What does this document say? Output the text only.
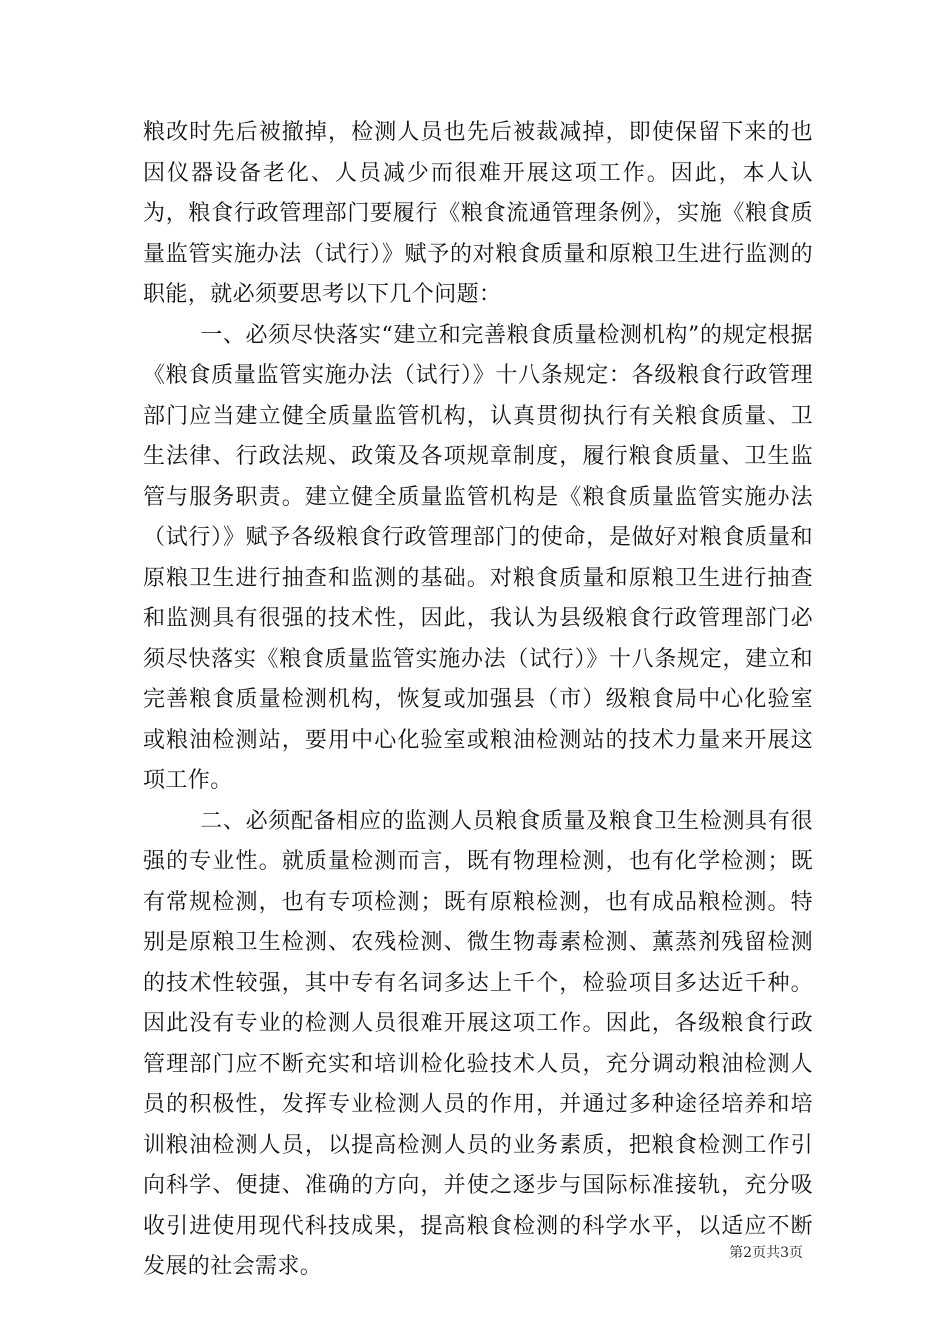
粮改时先后被撤掉，检测人员也先后被裁减掉，即使保留下来的也因仪器设备老化、人员减少而很难开展这项工作。因此，本人认为，粮食行政管理部门要履行《粮食流通管理条例》，实施《粮食质量监管实施办法（试行）》赋予的对粮食质量和原粮卫生进行监测的职能，就必须要思考以下几个问题：

一、必须尽快落实“建立和完善粮食质量检测机构”的规定根据《粮食质量监管实施办法（试行）》十八条规定：各级粮食行政管理部门应当建立健全质量监管机构，认真贯彻执行有关粮食质量、卫生法律、行政法规、政策及各项规章制度，履行粮食质量、卫生监管与服务职责。建立健全质量监管机构是《粮食质量监管实施办法（试行）》赋予各级粮食行政管理部门的使命，是做好对粮食质量和原粮卫生进行抽查和监测的基础。对粮食质量和原粮卫生进行抽查和监测具有很强的技术性，因此，我认为县级粮食行政管理部门必须尽快落实《粮食质量监管实施办法（试行）》十八条规定，建立和完善粮食质量检测机构，恢复或加强县（市）级粮食局中心化验室或粮油检测站，要用中心化验室或粮油检测站的技术力量来开展这项工作。

二、必须配备相应的监测人员粮食质量及粮食卫生检测具有很强的专业性。就质量检测而言，既有物理检测，也有化学检测；既有常规检测，也有专项检测；既有原粮检测，也有成品粮检测。特别是原粮卫生检测、农残检测、微生物毒素检测、薰蒸剂残留检测的技术性较强，其中专有名词多达上千个，检验项目多达近千种。因此没有专业的检测人员很难开展这项工作。因此，各级粮食行政管理部门应不断充实和培训检化验技术人员，充分调动粮油检测人员的积极性，发挥专业检测人员的作用，并通过多种途径培养和培训粮油检测人员，以提高检测人员的业务素质，把粮食检测工作引向科学、便捷、准确的方向，并使之逐步与国际标准接轨，充分吸收引进使用现代科技成果，提高粮食检测的科学水平，以适应不断发展的社会需求。

第2页共3页
